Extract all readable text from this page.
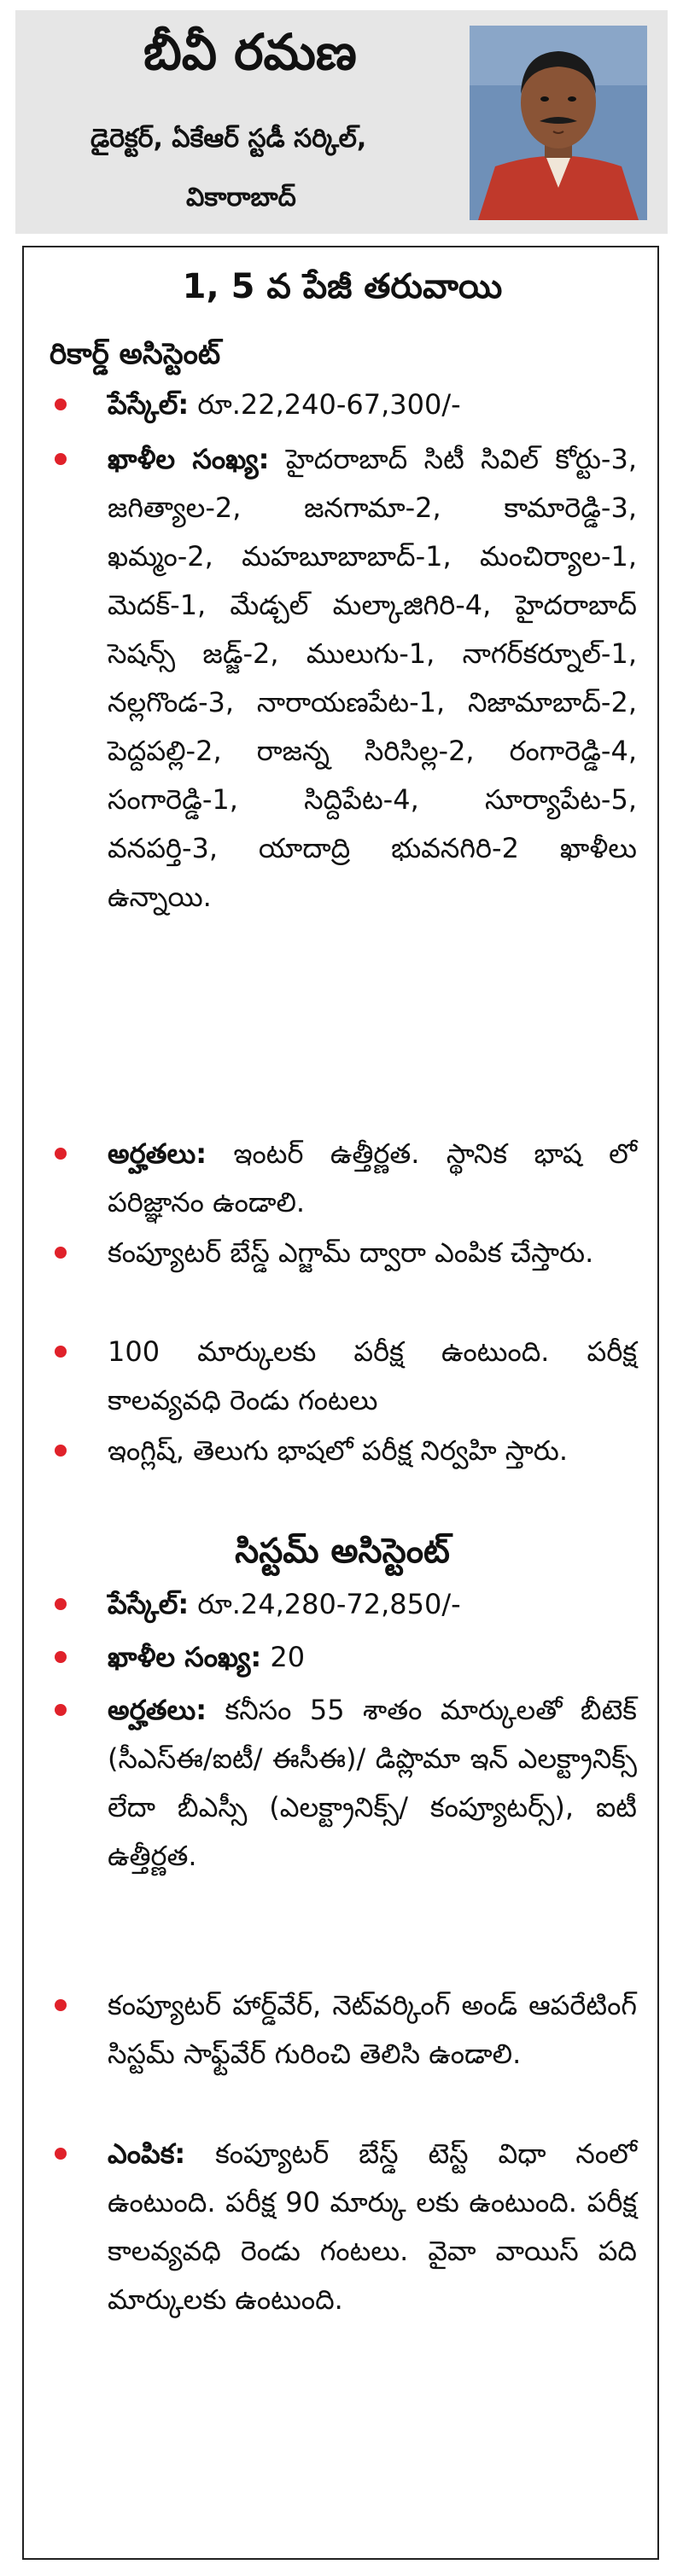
బీవీ రమణ
డైరెక్టర్, ఏకేఆర్ స్టడీ సర్కిల్,
వికారాబాద్
1, 5 వ పేజీ తరువాయి
రికార్డ్ అసిస్టెంట్
పేస్కేల్: రూ.22,240-67,300/-
ఖాళీల సంఖ్య: హైదరాబాద్ సిటీ సివిల్ కోర్టు-3, జగిత్యాల-2, జనగామా-2, కామారెడ్డి-3, ఖమ్మం-2, మహబూబాబాద్-1, మంచిర్యాల-1, మెదక్-1, మేడ్చల్ మల్కాజిగిరి-4, హైదరాబాద్ సెషన్స్ జడ్జ్-2, ములుగు-1, నాగర్‌కర్నూల్-1, నల్లగొండ-3, నారాయణపేట-1, నిజామాబాద్-2, పెద్దపల్లి-2, రాజన్న సిరిసిల్ల-2, రంగారెడ్డి-4, సంగారెడ్డి-1, సిద్దిపేట-4, సూర్యాపేట-5, వనపర్తి-3, యాదాద్రి భువనగిరి-2 ఖాళీలు ఉన్నాయి.
అర్హతలు: ఇంటర్ ఉత్తీర్ణత. స్థానిక భాష లో పరిజ్ఞానం ఉండాలి.
కంప్యూటర్ బేస్డ్ ఎగ్జామ్ ద్వారా ఎంపిక చేస్తారు.
100 మార్కులకు పరీక్ష ఉంటుంది. పరీక్ష కాలవ్యవధి రెండు గంటలు
ఇంగ్లిష్, తెలుగు భాషలో పరీక్ష నిర్వహి స్తారు.
సిస్టమ్ అసిస్టెంట్
పేస్కేల్: రూ.24,280-72,850/-
ఖాళీల సంఖ్య: 20
అర్హతలు: కనీసం 55 శాతం మార్కులతో బీటెక్ (సీఎస్ఈ/ఐటీ/ ఈసీఈ)/ డిప్లొమా ఇన్ ఎలక్ట్రానిక్స్ లేదా బీఎస్సీ (ఎలక్ట్రానిక్స్/ కంప్యూటర్స్), ఐటీ ఉత్తీర్ణత.
కంప్యూటర్ హార్డ్‌వేర్, నెట్‌వర్కింగ్ అండ్ ఆపరేటింగ్ సిస్టమ్ సాఫ్ట్‌వేర్ గురించి తెలిసి ఉండాలి.
ఎంపిక: కంప్యూటర్ బేస్డ్ టెస్ట్ విధా నంలో ఉంటుంది. పరీక్ష 90 మార్కు లకు ఉంటుంది. పరీక్ష కాలవ్యవధి రెండు గంటలు. వైవా వాయిస్ పది మార్కులకు ఉంటుంది.
